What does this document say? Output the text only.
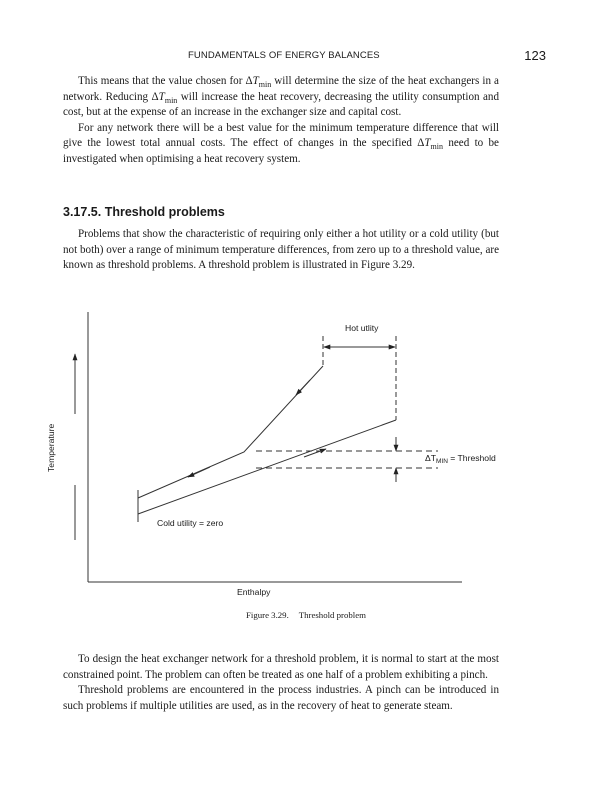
FUNDAMENTALS OF ENERGY BALANCES	123

This means that the value chosen for $\Delta T_{min}$ will determine the size of the heat exchangers in a network. Reducing $\Delta T_{min}$ will increase the heat recovery, decreasing the utility consumption and cost, but at the expense of an increase in the exchanger size and capital cost.

For any network there will be a best value for the minimum temperature difference that will give the lowest total annual costs. The effect of changes in the specified $\Delta T_{min}$ need to be investigated when optimising a heat recovery system.

3.17.5. Threshold problems

Problems that show the characteristic of requiring only either a hot utility or a cold utility (but not both) over a range of minimum temperature differences, from zero up to a threshold value, are known as threshold problems. A threshold problem is illustrated in Figure 3.29.

Temperature
Enthalpy
Hot utlity
Cold utility = zero
$\Delta T_{MIN}$ = Threshold
Figure 3.29. Threshold problem

To design the heat exchanger network for a threshold problem, it is normal to start at the most constrained point. The problem can often be treated as one half of a problem exhibiting a pinch.

Threshold problems are encountered in the process industries. A pinch can be introduced in such problems if multiple utilities are used, as in the recovery of heat to generate steam.
